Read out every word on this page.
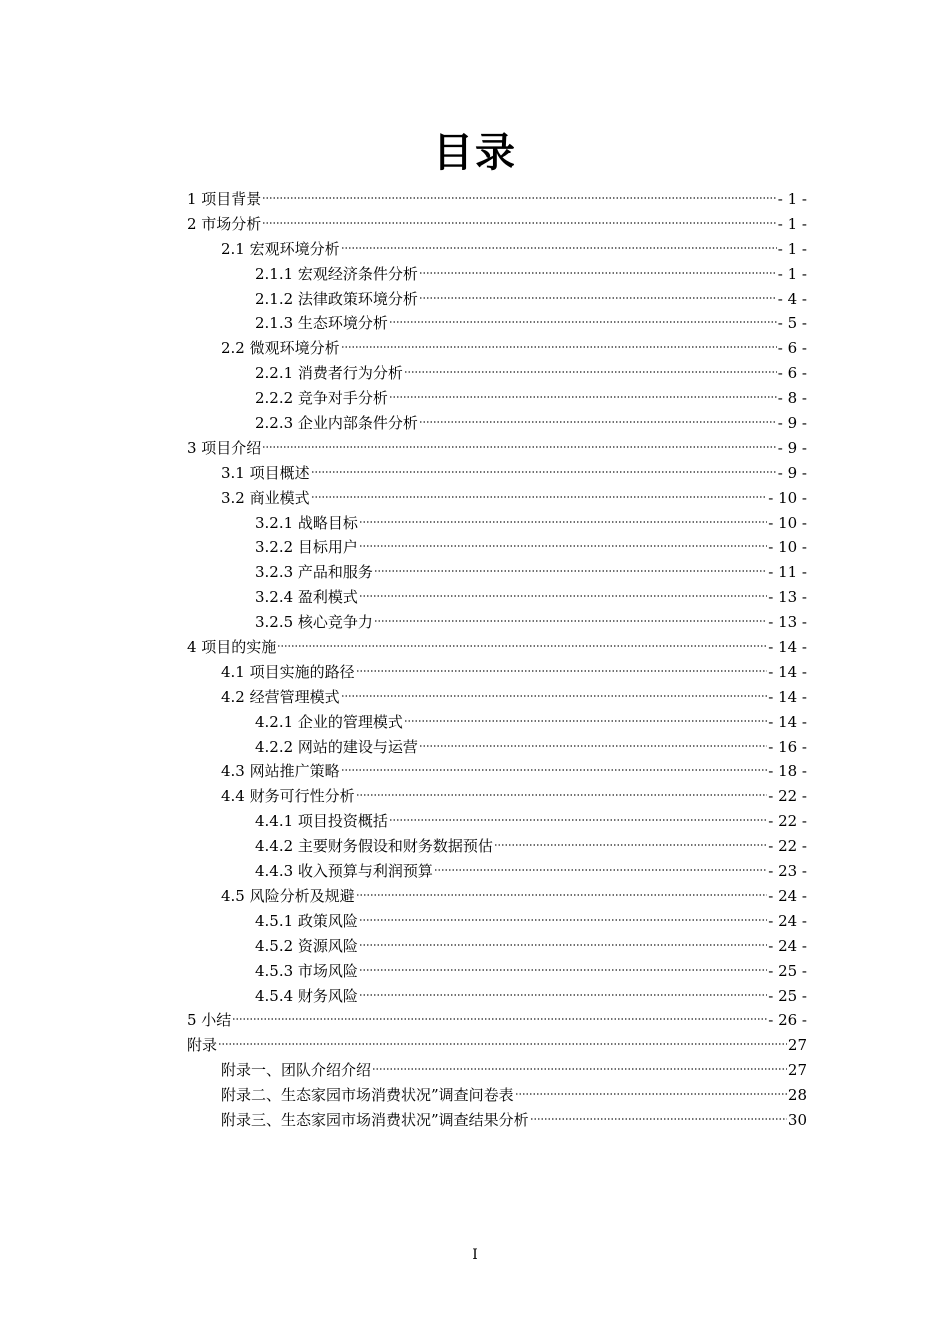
目录
1 项目背景	- 1 -
2 市场分析	- 1 -
2.1 宏观环境分析	- 1 -
2.1.1 宏观经济条件分析	- 1 -
2.1.2 法律政策环境分析	- 4 -
2.1.3 生态环境分析	- 5 -
2.2 微观环境分析	- 6 -
2.2.1 消费者行为分析	- 6 -
2.2.2 竞争对手分析	- 8 -
2.2.3 企业内部条件分析	- 9 -
3 项目介绍	- 9 -
3.1 项目概述	- 9 -
3.2 商业模式	- 10 -
3.2.1 战略目标	- 10 -
3.2.2 目标用户	- 10 -
3.2.3 产品和服务	- 11 -
3.2.4 盈利模式	- 13 -
3.2.5 核心竞争力	- 13 -
4 项目的实施	- 14 -
4.1 项目实施的路径	- 14 -
4.2 经营管理模式	- 14 -
4.2.1 企业的管理模式	- 14 -
4.2.2 网站的建设与运营	- 16 -
4.3 网站推广策略	- 18 -
4.4 财务可行性分析	- 22 -
4.4.1 项目投资概括	- 22 -
4.4.2 主要财务假设和财务数据预估	- 22 -
4.4.3 收入预算与利润预算	- 23 -
4.5 风险分析及规避	- 24 -
4.5.1 政策风险	- 24 -
4.5.2 资源风险	- 24 -
4.5.3 市场风险	- 25 -
4.5.4 财务风险	- 25 -
5 小结	- 26 -
附录	27
附录一、团队介绍介绍	27
附录二、生态家园市场消费状况”调查问卷表	28
附录三、生态家园市场消费状况”调查结果分析	30
I
